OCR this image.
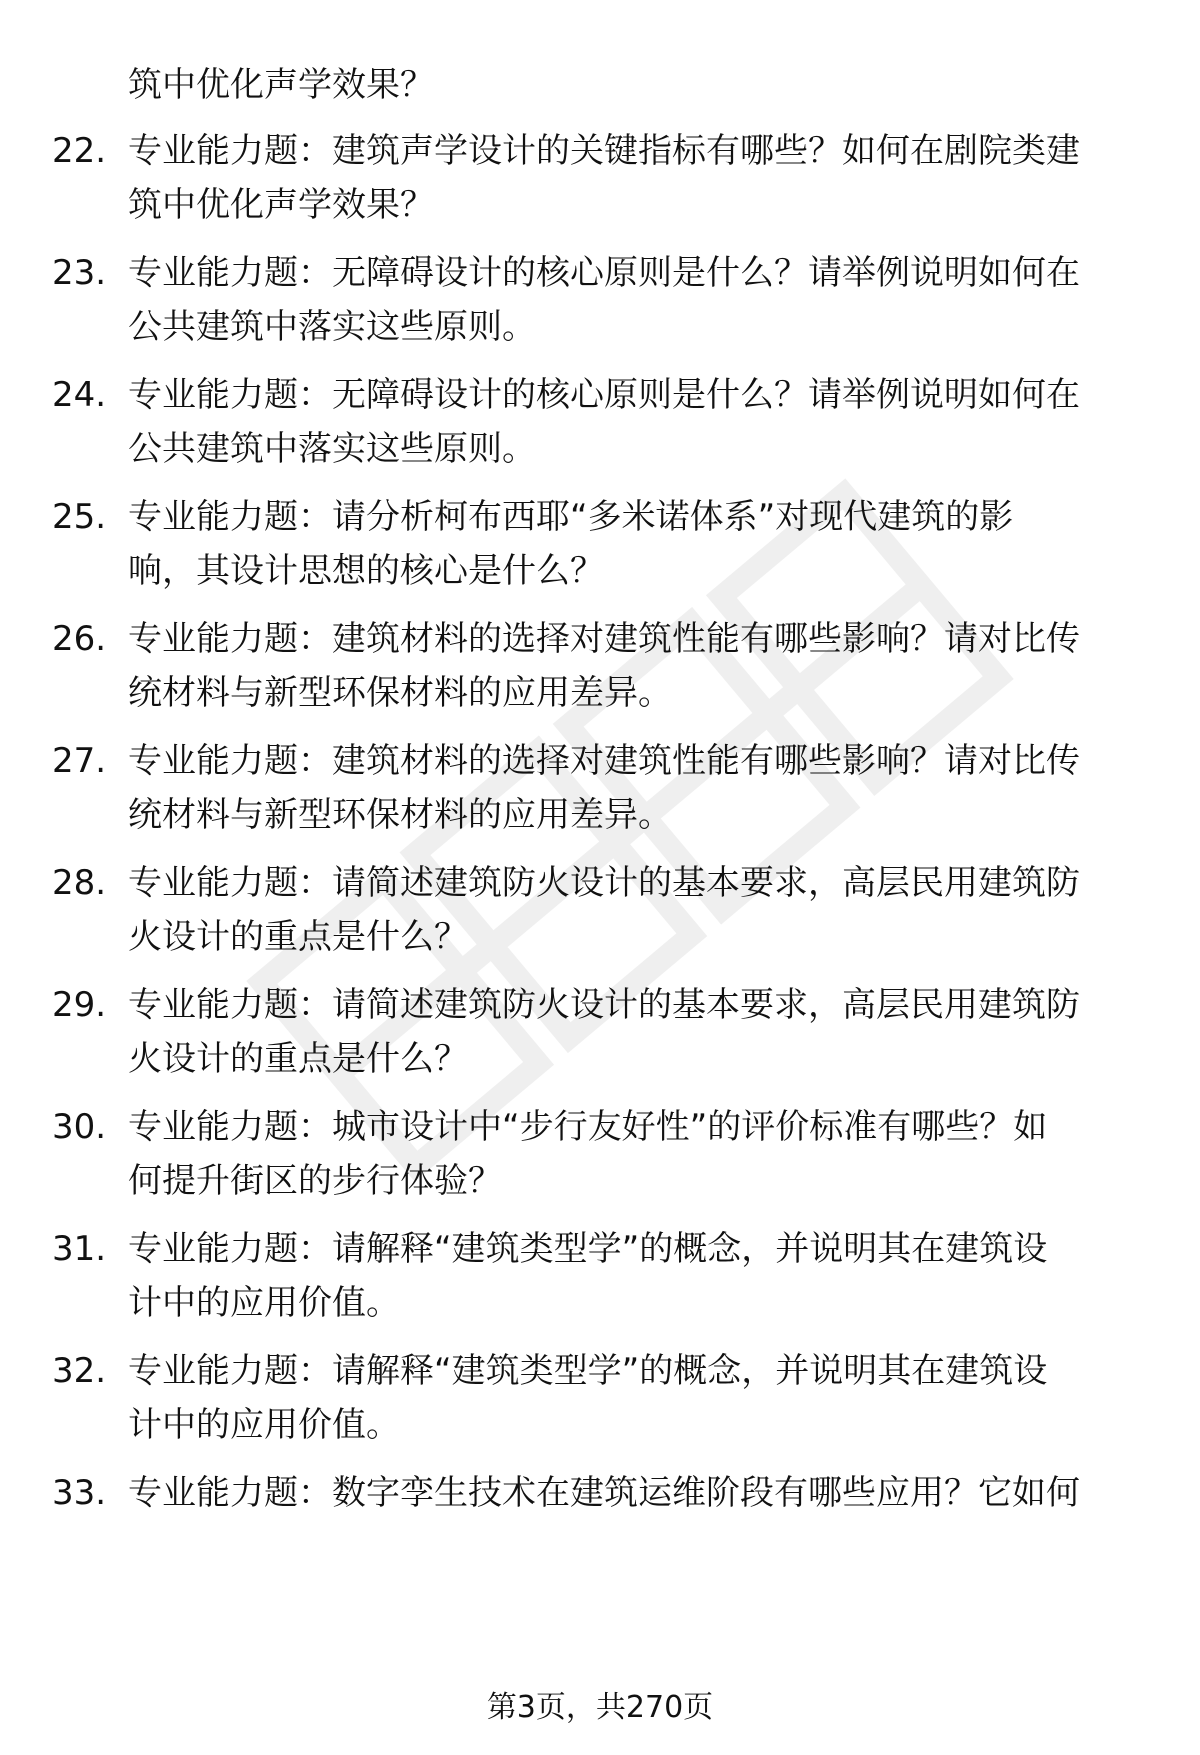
筑中优化声学效果？
22. 专业能力题：建筑声学设计的关键指标有哪些？如何在剧院类建
筑中优化声学效果？
23. 专业能力题：无障碍设计的核心原则是什么？请举例说明如何在
公共建筑中落实这些原则。
24. 专业能力题：无障碍设计的核心原则是什么？请举例说明如何在
公共建筑中落实这些原则。
25. 专业能力题：请分析柯布西耶“多米诺体系”对现代建筑的影
响，其设计思想的核心是什么？
26. 专业能力题：建筑材料的选择对建筑性能有哪些影响？请对比传
统材料与新型环保材料的应用差异。
27. 专业能力题：建筑材料的选择对建筑性能有哪些影响？请对比传
统材料与新型环保材料的应用差异。
28. 专业能力题：请简述建筑防火设计的基本要求，高层民用建筑防
火设计的重点是什么？
29. 专业能力题：请简述建筑防火设计的基本要求，高层民用建筑防
火设计的重点是什么？
30. 专业能力题：城市设计中“步行友好性”的评价标准有哪些？如
何提升街区的步行体验？
31. 专业能力题：请解释“建筑类型学”的概念，并说明其在建筑设
计中的应用价值。
32. 专业能力题：请解释“建筑类型学”的概念，并说明其在建筑设
计中的应用价值。
33. 专业能力题：数字孪生技术在建筑运维阶段有哪些应用？它如何
第3页，共270页
